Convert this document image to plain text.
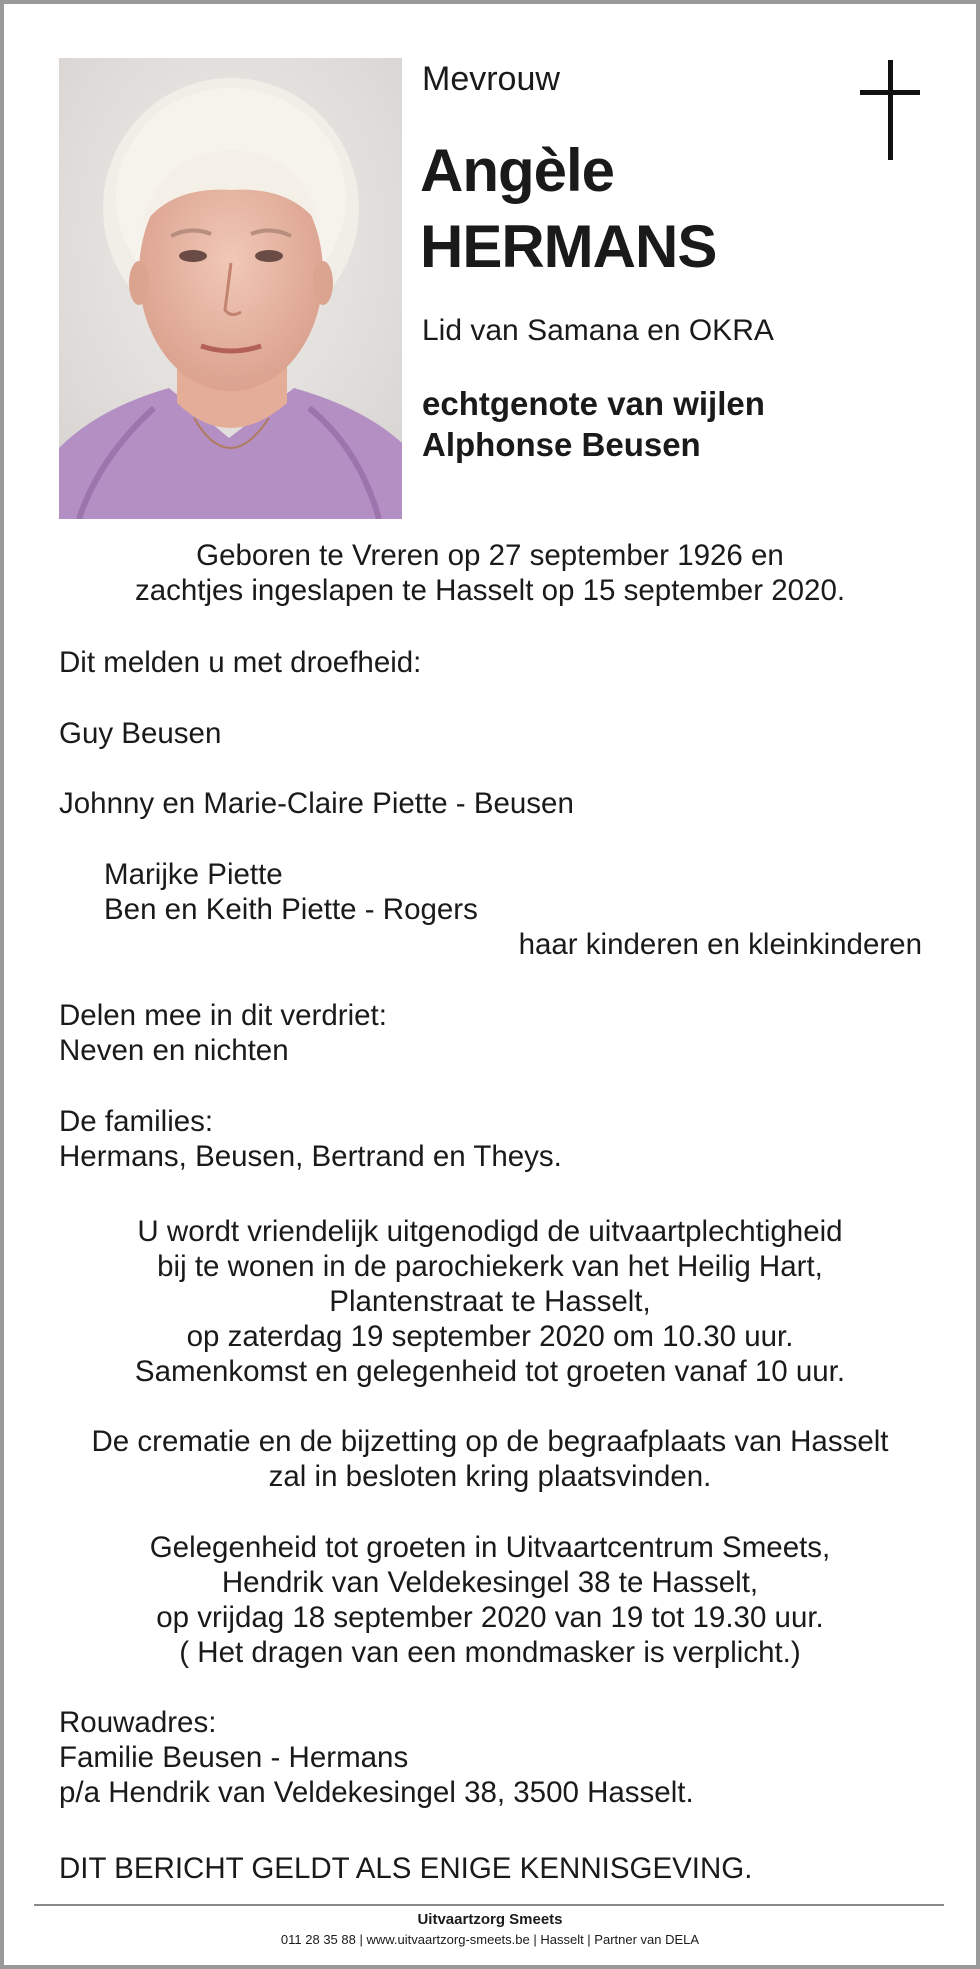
Mevrouw
Angèle
HERMANS
Lid van Samana en OKRA
echtgenote van wijlen
Alphonse Beusen
Geboren te Vreren op 27 september 1926 en
zachtjes ingeslapen te Hasselt op 15 september 2020.
Dit melden u met droefheid:
Guy Beusen
Johnny en Marie-Claire Piette - Beusen
Marijke Piette
Ben en Keith Piette - Rogers
haar kinderen en kleinkinderen
Delen mee in dit verdriet:
Neven en nichten
De families:
Hermans, Beusen, Bertrand en Theys.
U wordt vriendelijk uitgenodigd de uitvaartplechtigheid
bij te wonen in de parochiekerk van het Heilig Hart,
Plantenstraat te Hasselt,
op zaterdag 19 september 2020 om 10.30 uur.
Samenkomst en gelegenheid tot groeten vanaf 10 uur.
De crematie en de bijzetting op de begraafplaats van Hasselt
zal in besloten kring plaatsvinden.
Gelegenheid tot groeten in Uitvaartcentrum Smeets,
Hendrik van Veldekesingel 38 te Hasselt,
op vrijdag 18 september 2020 van 19 tot 19.30 uur.
( Het dragen van een mondmasker is verplicht.)
Rouwadres:
Familie Beusen - Hermans
p/a Hendrik van Veldekesingel 38, 3500 Hasselt.
DIT BERICHT GELDT ALS ENIGE KENNISGEVING.
Uitvaartzorg Smeets
011 28 35 88 | www.uitvaartzorg-smeets.be | Hasselt | Partner van DELA
